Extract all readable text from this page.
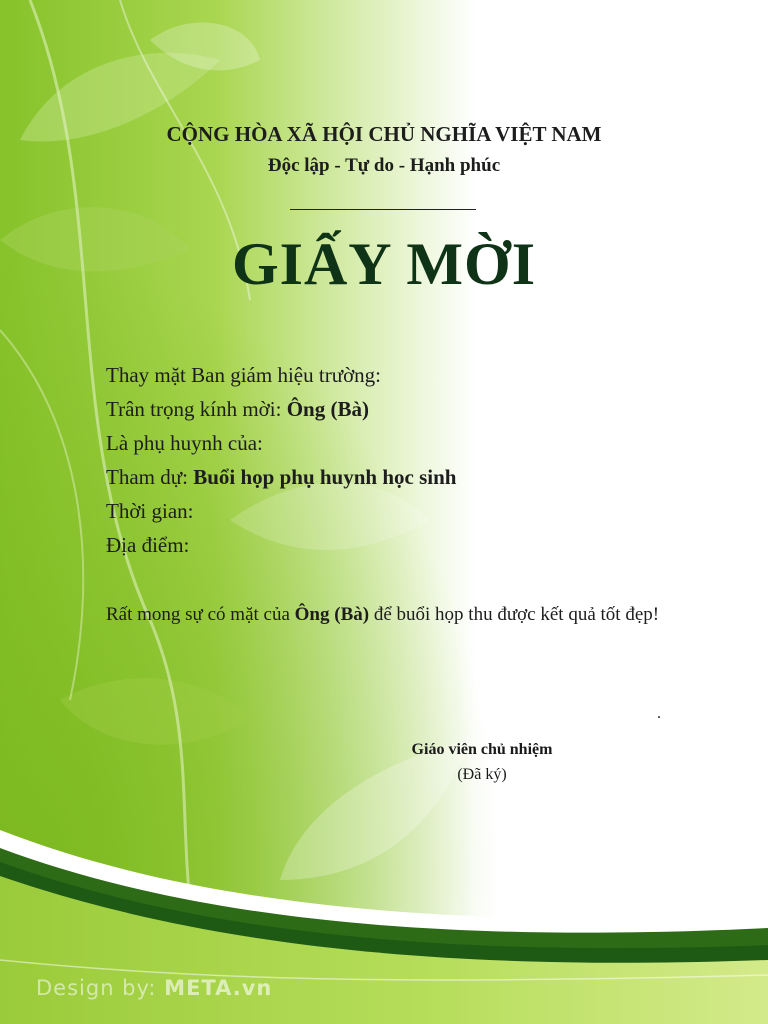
CỘNG HÒA XÃ HỘI CHỦ NGHĨA VIỆT NAM
Độc lập - Tự do - Hạnh phúc
GIẤY MỜI
Thay mặt Ban giám hiệu trường:
Trân trọng kính mời: Ông (Bà)
Là phụ huynh của:
Tham dự: Buổi họp phụ huynh học sinh
Thời gian:
Địa điểm:
Rất mong sự có mặt của Ông (Bà) để buổi họp thu được kết quả tốt đẹp!
.
Giáo viên chủ nhiệm
(Đã ký)
Design by: META.vn
